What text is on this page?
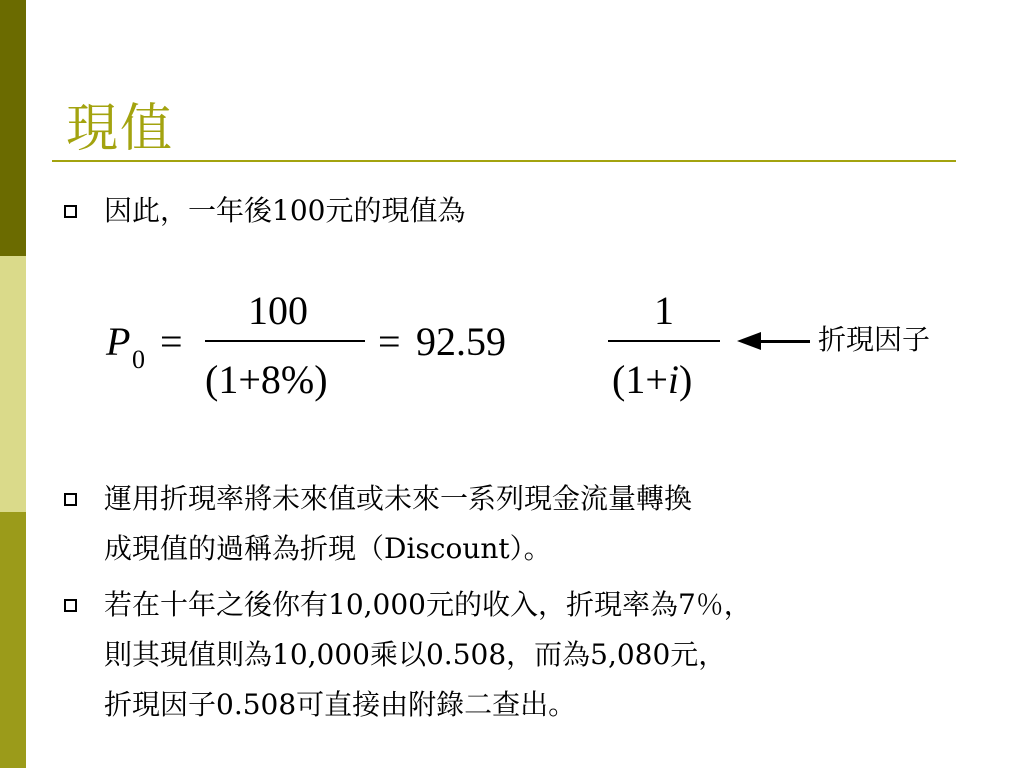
現值
因此，一年後100元的現值為
P 0 =
100
(1+8%)
= 92.59
1
(1+i)
折現因子
運用折現率將未來值或未來一系列現金流量轉換
成現值的過稱為折現（Discount）。
若在十年之後你有10,000元的收入，折現率為7％，
則其現值則為10,000乘以0.508，而為5,080元，
折現因子0.508可直接由附錄二查出。
